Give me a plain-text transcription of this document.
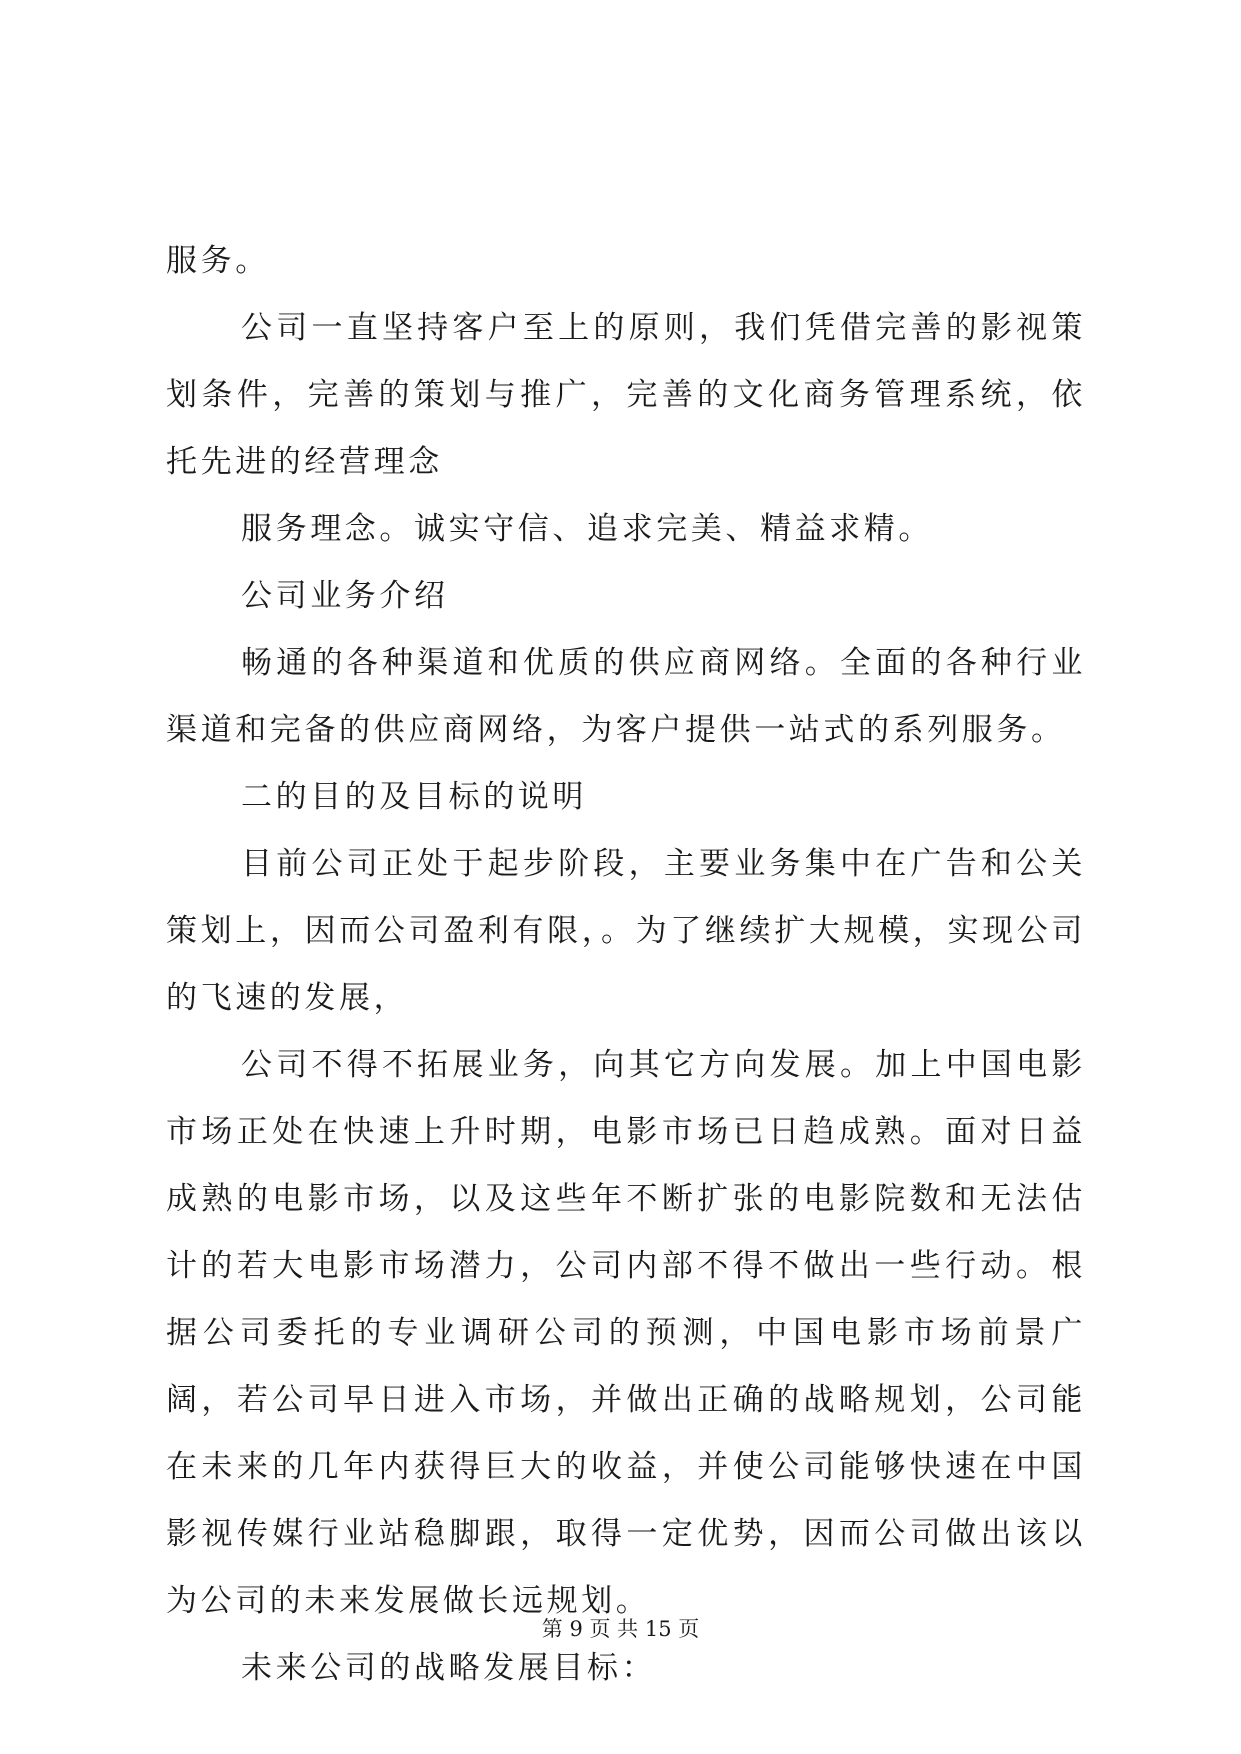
服务。

公司一直坚持客户至上的原则，我们凭借完善的影视策划条件，完善的策划与推广，完善的文化商务管理系统，依托先进的经营理念

服务理念。诚实守信、追求完美、精益求精。

公司业务介绍

畅通的各种渠道和优质的供应商网络。全面的各种行业渠道和完备的供应商网络，为客户提供一站式的系列服务。

二的目的及目标的说明

目前公司正处于起步阶段，主要业务集中在广告和公关策划上，因而公司盈利有限，。为了继续扩大规模，实现公司的飞速的发展，

公司不得不拓展业务，向其它方向发展。加上中国电影市场正处在快速上升时期，电影市场已日趋成熟。面对日益成熟的电影市场，以及这些年不断扩张的电影院数和无法估计的若大电影市场潜力，公司内部不得不做出一些行动。根据公司委托的专业调研公司的预测，中国电影市场前景广阔，若公司早日进入市场，并做出正确的战略规划，公司能在未来的几年内获得巨大的收益，并使公司能够快速在中国影视传媒行业站稳脚跟，取得一定优势，因而公司做出该以为公司的未来发展做长远规划。

未来公司的战略发展目标：

第 9 页 共 15 页
